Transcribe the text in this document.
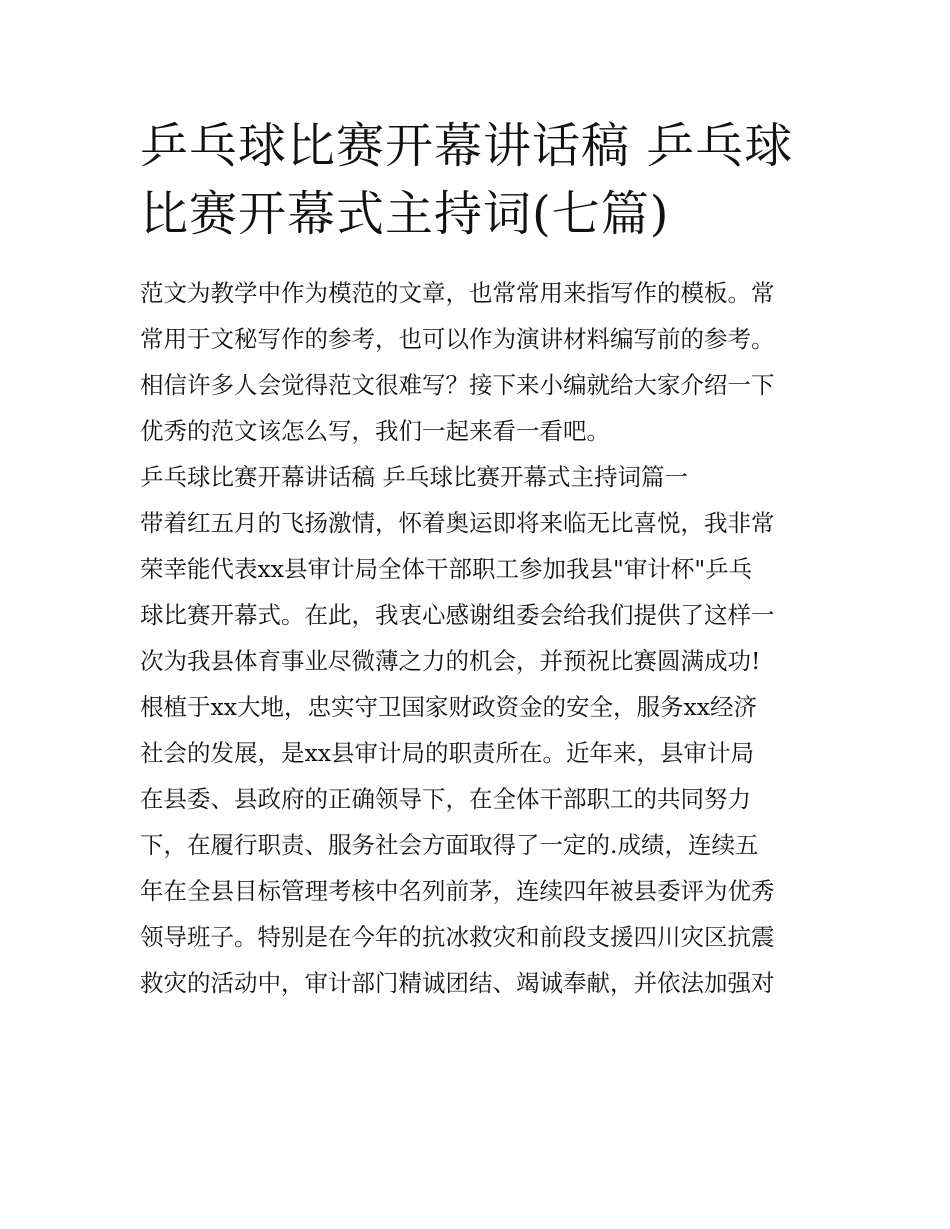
乒乓球比赛开幕讲话稿 乒乓球
比赛开幕式主持词(七篇)
范文为教学中作为模范的文章，也常常用来指写作的模板。常
常用于文秘写作的参考，也可以作为演讲材料编写前的参考。
相信许多人会觉得范文很难写？接下来小编就给大家介绍一下
优秀的范文该怎么写，我们一起来看一看吧。
乒乓球比赛开幕讲话稿 乒乓球比赛开幕式主持词篇一
带着红五月的飞扬激情，怀着奥运即将来临无比喜悦，我非常
荣幸能代表xx县审计局全体干部职工参加我县"审计杯"乒乓
球比赛开幕式。在此，我衷心感谢组委会给我们提供了这样一
次为我县体育事业尽微薄之力的机会，并预祝比赛圆满成功!
根植于xx大地，忠实守卫国家财政资金的安全，服务xx经济
社会的发展，是xx县审计局的职责所在。近年来，县审计局
在县委、县政府的正确领导下，在全体干部职工的共同努力
下，在履行职责、服务社会方面取得了一定的.成绩，连续五
年在全县目标管理考核中名列前茅，连续四年被县委评为优秀
领导班子。特别是在今年的抗冰救灾和前段支援四川灾区抗震
救灾的活动中，审计部门精诚团结、竭诚奉献，并依法加强对
